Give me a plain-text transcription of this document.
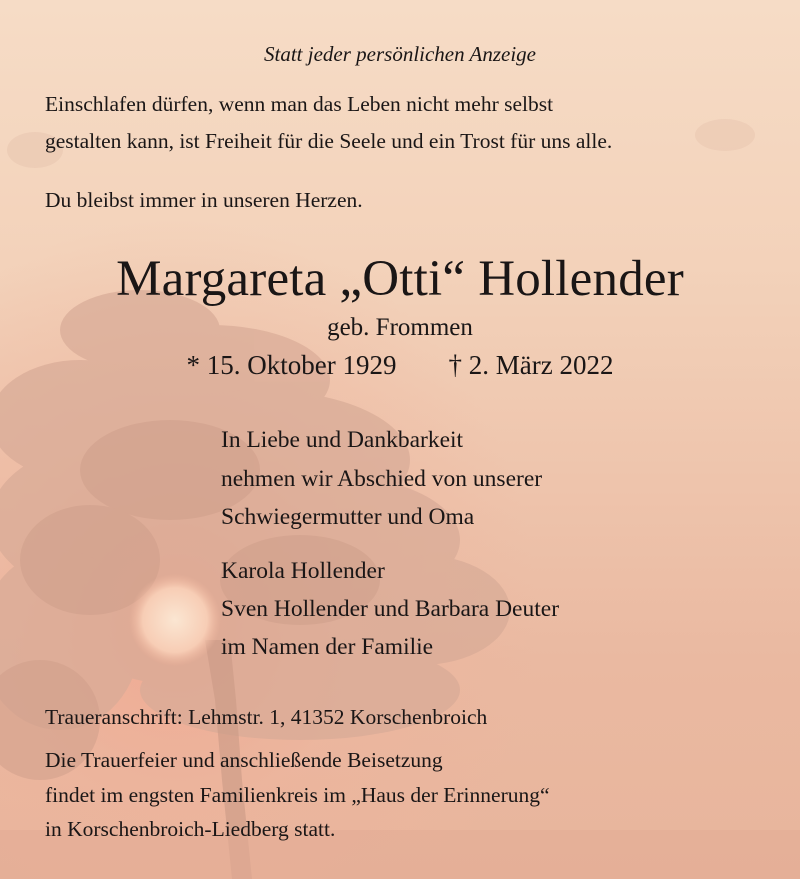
Statt jeder persönlichen Anzeige

Einschlafen dürfen, wenn man das Leben nicht mehr selbst

gestalten kann, ist Freiheit für die Seele und ein Trost für uns alle.

Du bleibst immer in unseren Herzen.

Margareta „Otti“ Hollender

geb. Frommen

* 15. Oktober 1929 † 2. März 2022

In Liebe und Dankbarkeit

nehmen wir Abschied von unserer

Schwiegermutter und Oma

Karola Hollender

Sven Hollender und Barbara Deuter

im Namen der Familie

Traueranschrift: Lehmstr. 1, 41352 Korschenbroich

Die Trauerfeier und anschließende Beisetzung

findet im engsten Familienkreis im „Haus der Erinnerung“

in Korschenbroich-Liedberg statt.
